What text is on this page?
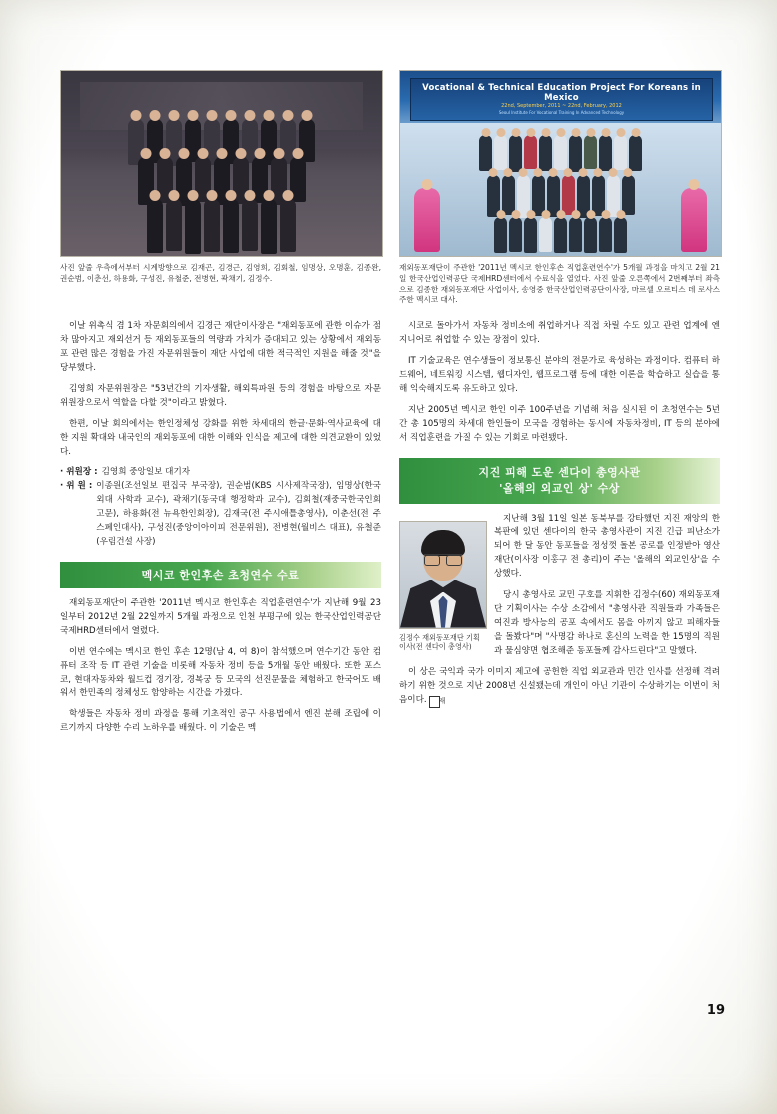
사진 앞줄 우측에서부터 시계방향으로 김재곤, 김경근, 김영희, 김회철, 임명상, 오명훈, 김종완, 권순범, 이춘선, 하용화, 구성진, 유철준, 전병현, 곽채기, 김정수.
Vocational & Technical Education Project For Koreans in Mexico
22nd, September, 2011 ~ 22nd, February, 2012
Seoul Institute For Vocational Training In Advanced Technology
재외동포재단이 주관한 '2011년 멕시코 한인후손 직업훈련연수'가 5개월 과정을 마치고 2월 21일 한국산업인력공단 국제HRD센터에서 수료식을 열었다. 사진 앞줄 오른쪽에서 2번째부터 좌측으로 김종한 재외동포재단 사업이사, 송영중 한국산업인력공단이사장, 마르셀 오르티스 데 로사스 주한 멕시코 대사.

이날 위촉식 겸 1차 자문회의에서 김경근 재단이사장은 "재외동포에 관한 이슈가 점차 많아지고 재외선거 등 재외동포들의 역량과 가치가 증대되고 있는 상황에서 재외동포 관련 많은 경험을 가진 자문위원들이 재단 사업에 대한 적극적인 지원을 해줄 것"을 당부했다.

김영희 자문위원장은 "53년간의 기자생활, 해외특파원 등의 경험을 바탕으로 자문위원장으로서 역할을 다할 것"이라고 밝혔다.

한편, 이날 회의에서는 한인정체성 강화를 위한 차세대의 한글·문화·역사교육에 대한 지원 확대와 내국인의 재외동포에 대한 이해와 인식을 제고에 대한 의견교환이 있었다.

· 위원장 : 김영희 중앙일보 대기자
· 위 원 : 이종원(조선일보 편집국 부국장), 권순범(KBS 시사제작국장), 임명상(한국외대 사학과 교수), 곽채기(동국대 행정학과 교수), 김회철(재중국한국인회 고문), 하용화(전 뉴욕한인회장), 김재국(전 주시애틀총영사), 이춘선(전 주스페인대사), 구성진(중앙이아이피 전문위원), 전병현(월비스 대표), 유철준(우림건설 사장)
멕시코 한인후손 초청연수 수료

재외동포재단이 주관한 '2011년 멕시코 한인후손 직업훈련연수'가 지난해 9월 23일부터 2012년 2월 22일까지 5개월 과정으로 인천 부평구에 있는 한국산업인력공단 국제HRD센터에서 열렸다.

이번 연수에는 멕시코 한인 후손 12명(남 4, 여 8)이 참석했으며 연수기간 동안 컴퓨터 조작 등 IT 관련 기술을 비롯해 자동차 정비 등을 5개월 동안 배웠다. 또한 포스코, 현대자동차와 월드컵 경기장, 경복궁 등 모국의 선진문물을 체험하고 한국어도 배워서 한민족의 정체성도 함양하는 시간을 가졌다.

학생들은 자동차 정비 과정을 통해 기초적인 공구 사용법에서 엔진 분해 조립에 이르기까지 다양한 수리 노하우를 배웠다. 이 기술은 멕

시코로 돌아가서 자동차 정비소에 취업하거나 직접 차릴 수도 있고 관련 업계에 엔지니어로 취업할 수 있는 장점이 있다.

IT 기술교육은 연수생들이 정보통신 분야의 전문가로 육성하는 과정이다. 컴퓨터 하드웨어, 네트워킹 시스템, 웹디자인, 웹프로그램 등에 대한 이론을 학습하고 실습을 통해 익숙해지도록 유도하고 있다.

지난 2005년 멕시코 한인 이주 100주년을 기념해 처음 실시된 이 초청연수는 5년 간 총 105명의 차세대 한인들이 모국을 경험하는 동시에 자동차정비, IT 등의 분야에서 직업훈련을 가질 수 있는 기회로 마련됐다.

지진 피해 도운 센다이 총영사관
'올해의 외교인 상' 수상
김정수 재외동포재단 기획이사(전 센다이 총영사)

지난해 3월 11일 일본 동북부를 강타했던 지진 재앙의 한복판에 있던 센다이의 한국 총영사관이 지진 긴급 피난소가 되어 한 달 동안 동포들을 정성껏 돌본 공로를 인정받아 영산재단(이사장 이홍구 전 총리)이 주는 '올해의 외교인상'을 수상했다.

당시 총영사로 교민 구호를 지휘한 김정수(60) 재외동포재단 기획이사는 수상 소감에서 "총영사관 직원들과 가족들은 여진과 방사능의 공포 속에서도 몸을 아끼지 않고 피해자들을 돌봤다"며 "사명감 하나로 혼신의 노력을 한 15명의 직원과 물심양면 협조해준 동포들께 감사드린다"고 말했다.

이 상은 국익과 국가 이미지 제고에 공헌한 직업 외교관과 민간 인사를 선정해 격려하기 위한 것으로 지난 2008년 신설됐는데 개인이 아닌 기관이 수상하기는 이번이 처음이다. 재

19
